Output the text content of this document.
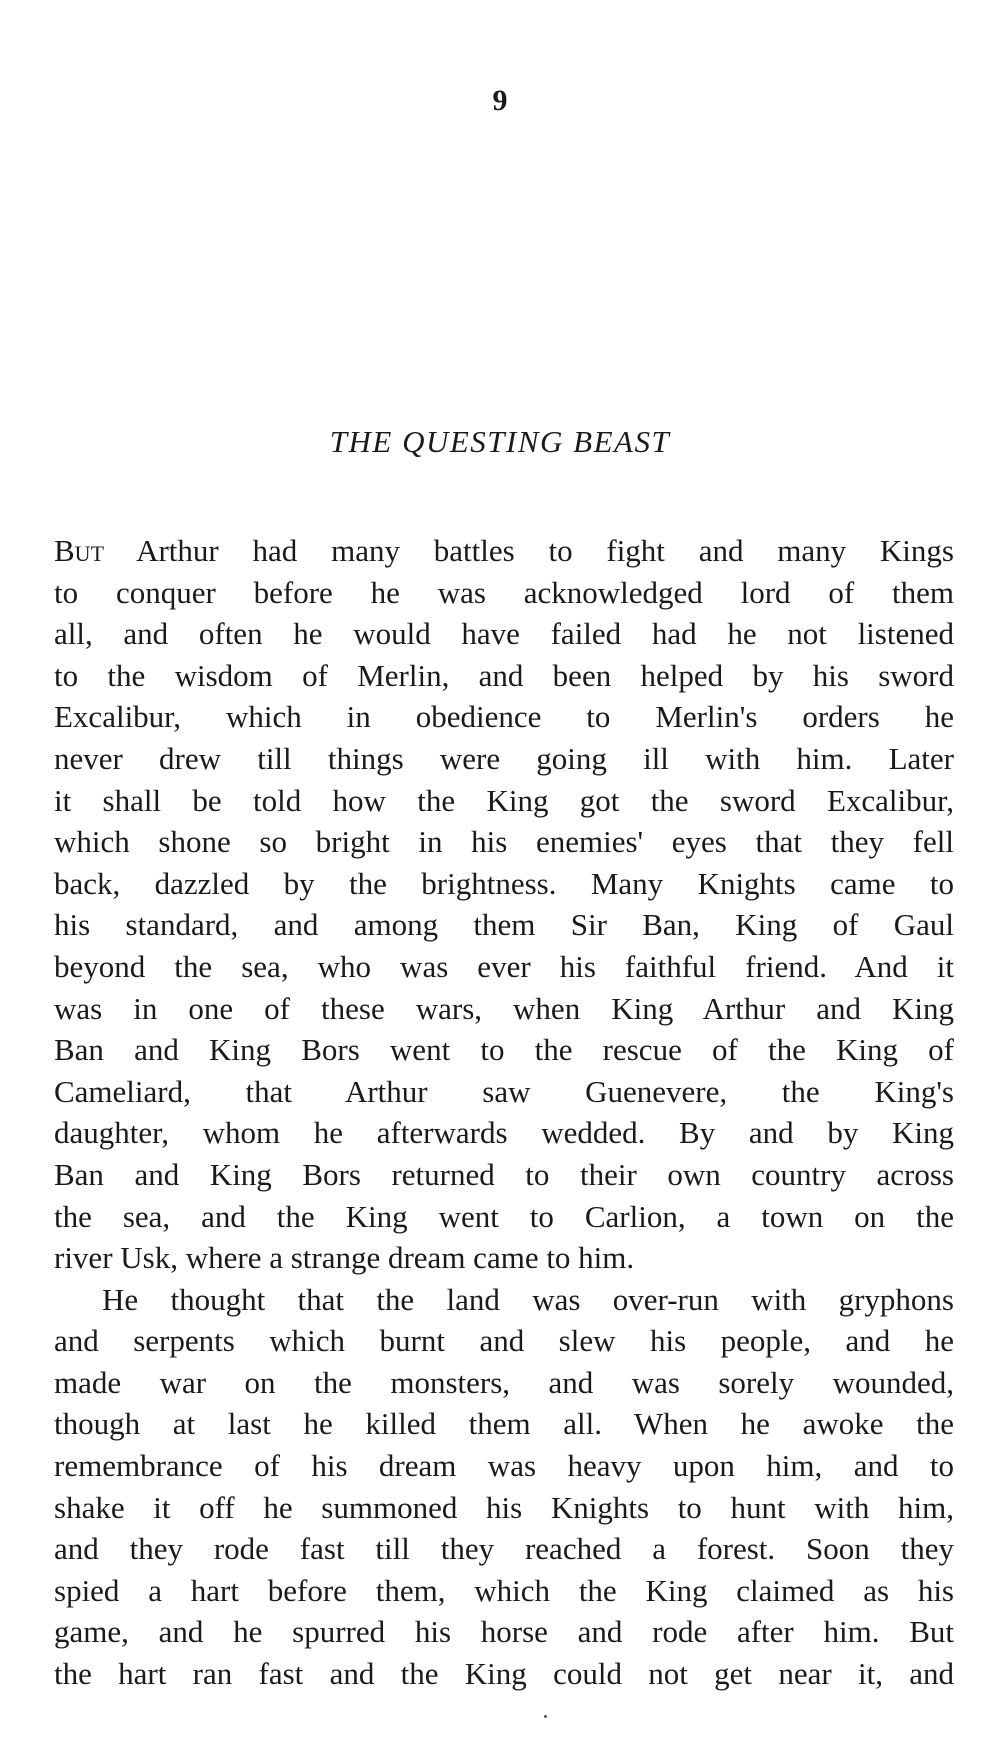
9
THE QUESTING BEAST
But Arthur had many battles to fight and many Kings
to conquer before he was acknowledged lord of them
all, and often he would have failed had he not listened
to the wisdom of Merlin, and been helped by his sword
Excalibur, which in obedience to Merlin's orders he
never drew till things were going ill with him. Later
it shall be told how the King got the sword Excalibur,
which shone so bright in his enemies' eyes that they fell
back, dazzled by the brightness. Many Knights came to
his standard, and among them Sir Ban, King of Gaul
beyond the sea, who was ever his faithful friend. And it
was in one of these wars, when King Arthur and King
Ban and King Bors went to the rescue of the King of
Cameliard, that Arthur saw Guenevere, the King's
daughter, whom he afterwards wedded. By and by King
Ban and King Bors returned to their own country across
the sea, and the King went to Carlion, a town on the
river Usk, where a strange dream came to him.
He thought that the land was over-run with gryphons
and serpents which burnt and slew his people, and he
made war on the monsters, and was sorely wounded,
though at last he killed them all. When he awoke the
remembrance of his dream was heavy upon him, and to
shake it off he summoned his Knights to hunt with him,
and they rode fast till they reached a forest. Soon they
spied a hart before them, which the King claimed as his
game, and he spurred his horse and rode after him. But
the hart ran fast and the King could not get near it, and
